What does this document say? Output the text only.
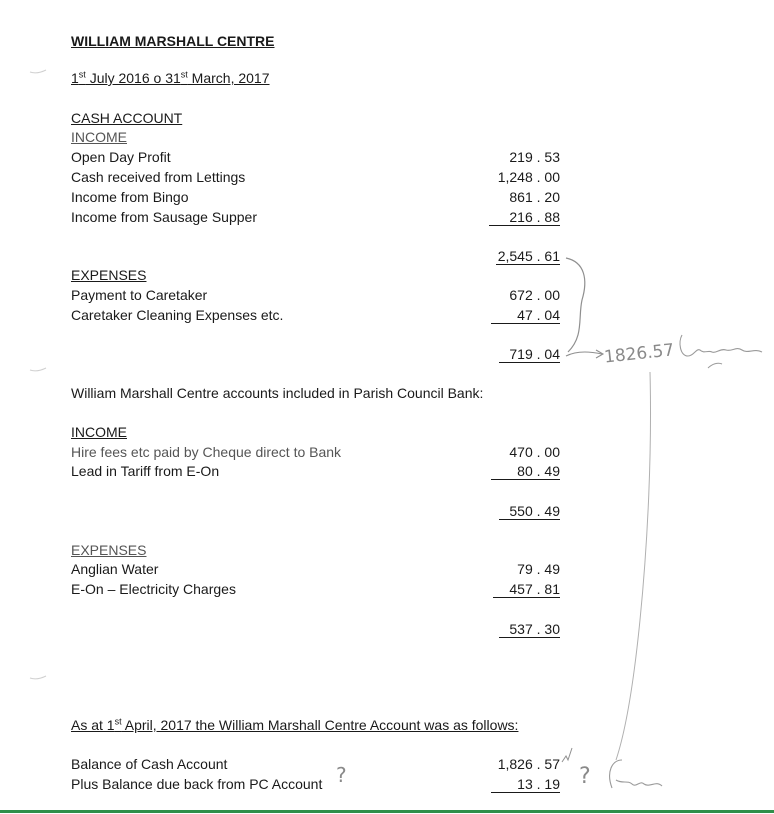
WILLIAM MARSHALL CENTRE
1st July 2016 o 31st March, 2017
CASH ACCOUNT
INCOME
Open Day Profit	219 . 53
Cash received from Lettings	1,248 . 00
Income from Bingo	861 . 20
Income from Sausage Supper	216 . 88
2,545 . 61
EXPENSES
Payment to Caretaker	672 . 00
Caretaker Cleaning Expenses etc.	47 . 04
719 . 04
William Marshall Centre accounts included in Parish Council Bank:
INCOME
Hire fees etc paid by Cheque direct to Bank	470 . 00
Lead in Tariff from E-On	80 . 49
550 . 49
EXPENSES
Anglian Water	79 . 49
E-On – Electricity Charges	457 . 81
537 . 30
As at 1st April, 2017 the William Marshall Centre Account was as follows:
Balance of Cash Account	1,826 . 57
Plus Balance due back from PC Account	13 . 19
1826.57
?	?
